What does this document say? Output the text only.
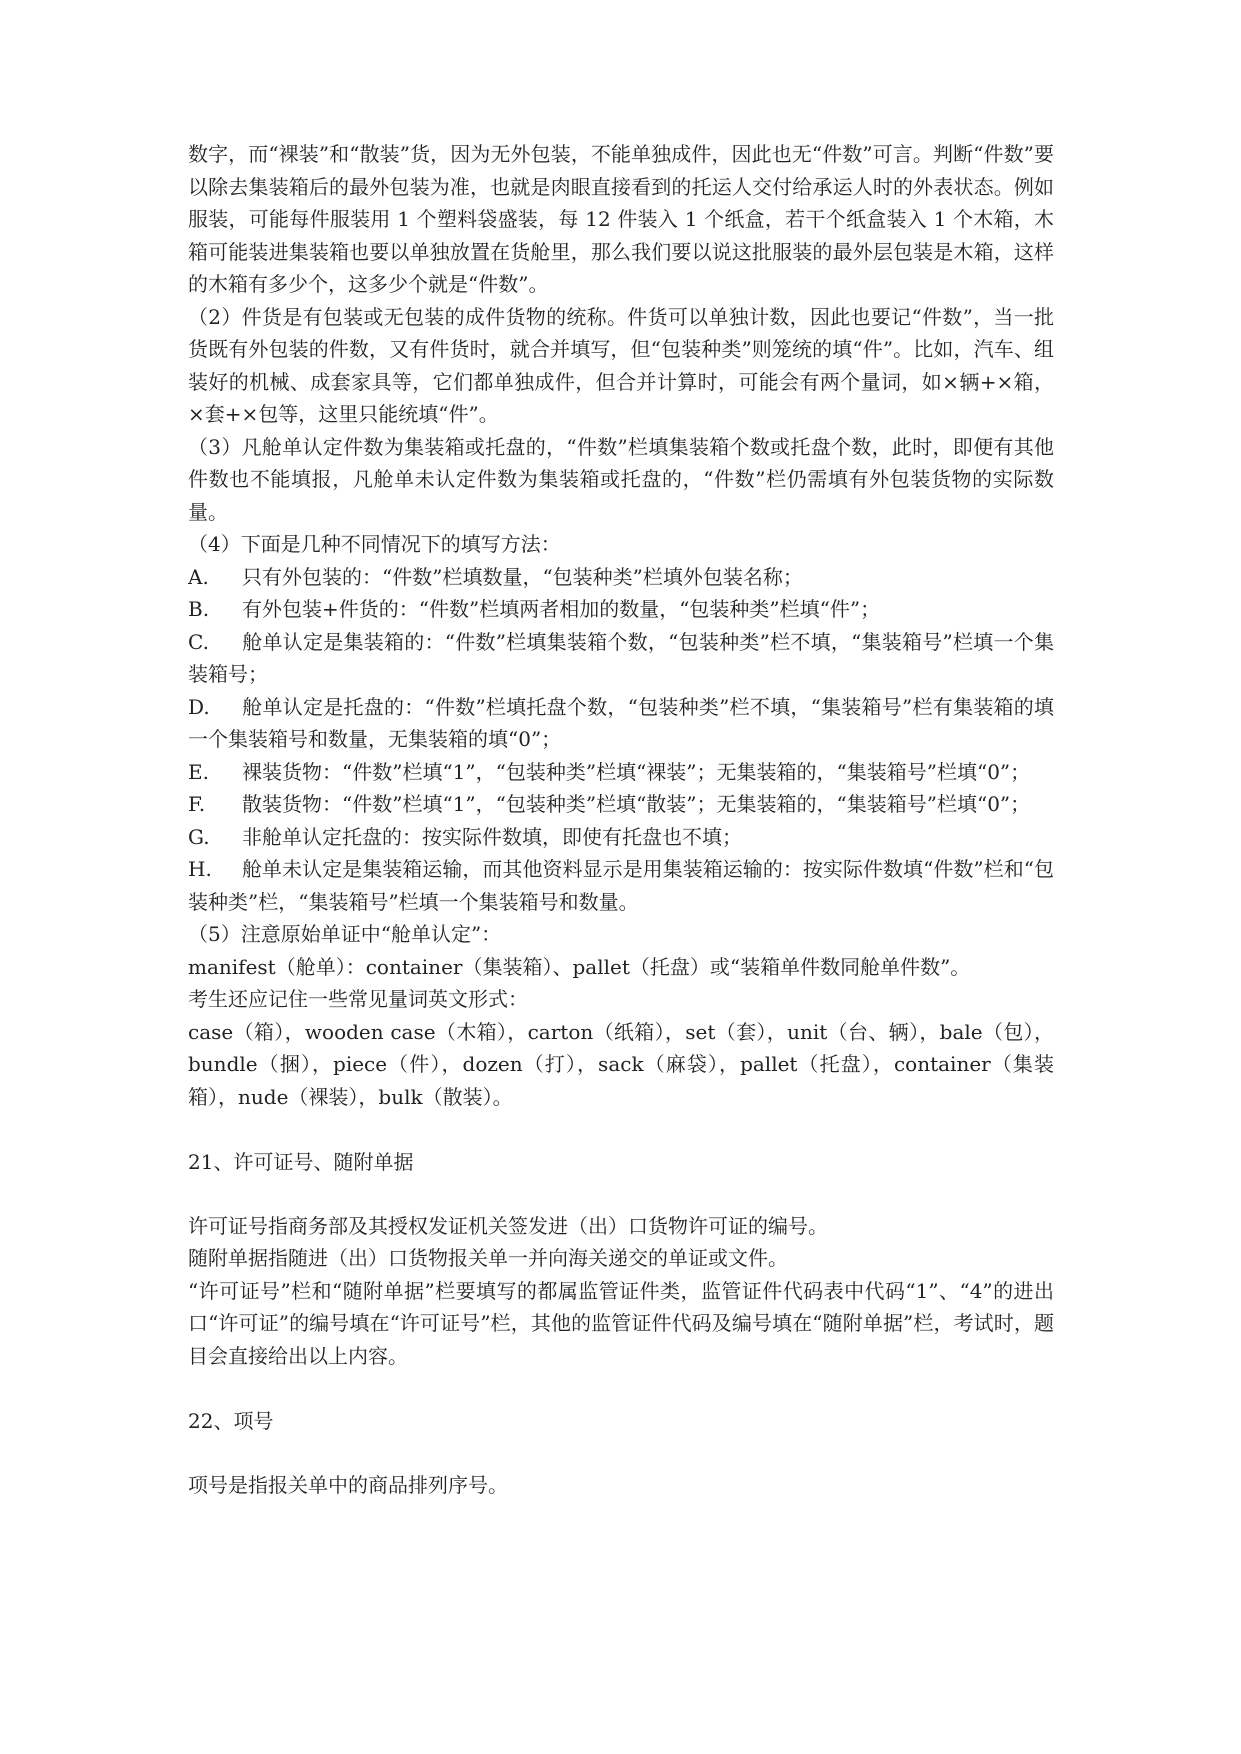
数字，而“裸装”和“散装”货，因为无外包装，不能单独成件，因此也无“件数”可言。判断“件数”要以除去集装箱后的最外包装为准，也就是肉眼直接看到的托运人交付给承运人时的外表状态。例如服装，可能每件服装用 1 个塑料袋盛装，每 12 件装入 1 个纸盒，若干个纸盒装入 1 个木箱，木箱可能装进集装箱也要以单独放置在货舱里，那么我们要以说这批服装的最外层包装是木箱，这样的木箱有多少个，这多少个就是“件数”。

（2）件货是有包装或无包装的成件货物的统称。件货可以单独计数，因此也要记“件数”，当一批货既有外包装的件数，又有件货时，就合并填写，但“包装种类”则笼统的填“件”。比如，汽车、组装好的机械、成套家具等，它们都单独成件，但合并计算时，可能会有两个量词，如×辆+×箱，×套+×包等，这里只能统填“件”。

（3）凡舱单认定件数为集装箱或托盘的，“件数”栏填集装箱个数或托盘个数，此时，即便有其他件数也不能填报，凡舱单未认定件数为集装箱或托盘的，“件数”栏仍需填有外包装货物的实际数量。

（4）下面是几种不同情况下的填写方法：

A. 只有外包装的：“件数”栏填数量，“包装种类”栏填外包装名称；

B. 有外包装+件货的：“件数”栏填两者相加的数量，“包装种类”栏填“件”；

C. 舱单认定是集装箱的：“件数”栏填集装箱个数，“包装种类”栏不填，“集装箱号”栏填一个集装箱号；

D. 舱单认定是托盘的：“件数”栏填托盘个数，“包装种类”栏不填，“集装箱号”栏有集装箱的填一个集装箱号和数量，无集装箱的填“0”；

E. 裸装货物：“件数”栏填“1”，“包装种类”栏填“裸装”；无集装箱的，“集装箱号”栏填“0”；

F. 散装货物：“件数”栏填“1”，“包装种类”栏填“散装”；无集装箱的，“集装箱号”栏填“0”；

G. 非舱单认定托盘的：按实际件数填，即使有托盘也不填；

H. 舱单未认定是集装箱运输，而其他资料显示是用集装箱运输的：按实际件数填“件数”栏和“包装种类”栏，“集装箱号”栏填一个集装箱号和数量。

（5）注意原始单证中“舱单认定”：

manifest（舱单）：container（集装箱）、pallet（托盘）或“装箱单件数同舱单件数”。

考生还应记住一些常见量词英文形式：

case（箱），wooden case（木箱），carton（纸箱），set（套），unit（台、辆），bale（包），bundle（捆），piece（件），dozen（打），sack（麻袋），pallet（托盘），container（集装箱），nude（裸装），bulk（散装）。

21、许可证号、随附单据

许可证号指商务部及其授权发证机关签发进（出）口货物许可证的编号。

随附单据指随进（出）口货物报关单一并向海关递交的单证或文件。

“许可证号”栏和“随附单据”栏要填写的都属监管证件类，监管证件代码表中代码“1”、“4”的进出口“许可证”的编号填在“许可证号”栏，其他的监管证件代码及编号填在“随附单据”栏，考试时，题目会直接给出以上内容。

22、项号

项号是指报关单中的商品排列序号。
